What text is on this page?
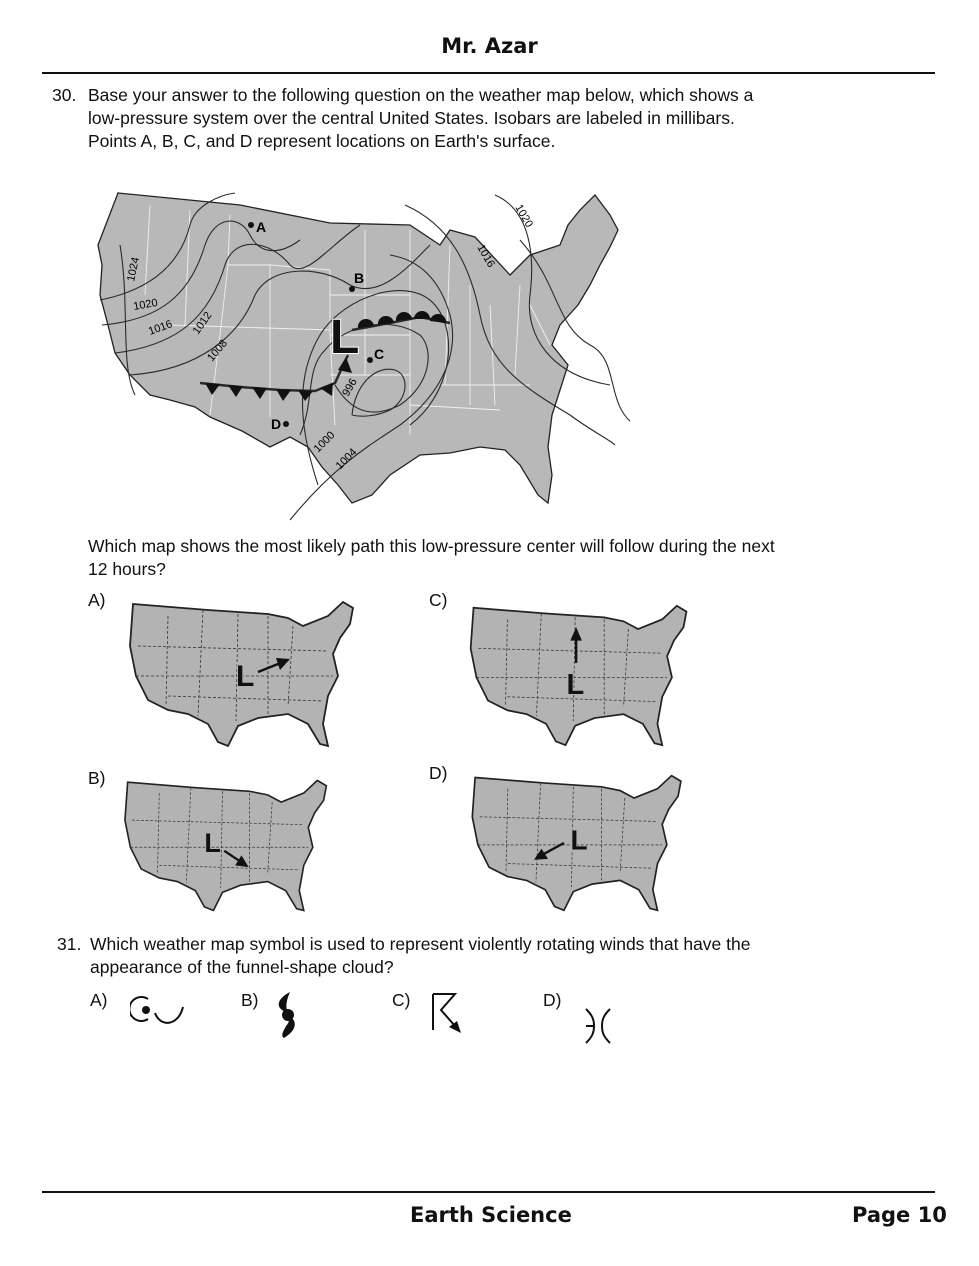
Mr. Azar
30. Base your answer to the following question on the weather map below, which shows a
low-pressure system over the central United States. Isobars are labeled in millibars.
Points A, B, C, and D represent locations on Earth's surface.
L
A
B
C
D
1024
1020
1016 1012
1008
1000
1004
996
1020
1016
Which map shows the most likely path this low-pressure center will follow during the next
12 hours?
A)	C)
B)	D)
L	L
L	L
31. Which weather map symbol is used to represent violently rotating winds that have the
appearance of the funnel-shape cloud?
A)	B)	C)	D)
Earth Science	Page 10
